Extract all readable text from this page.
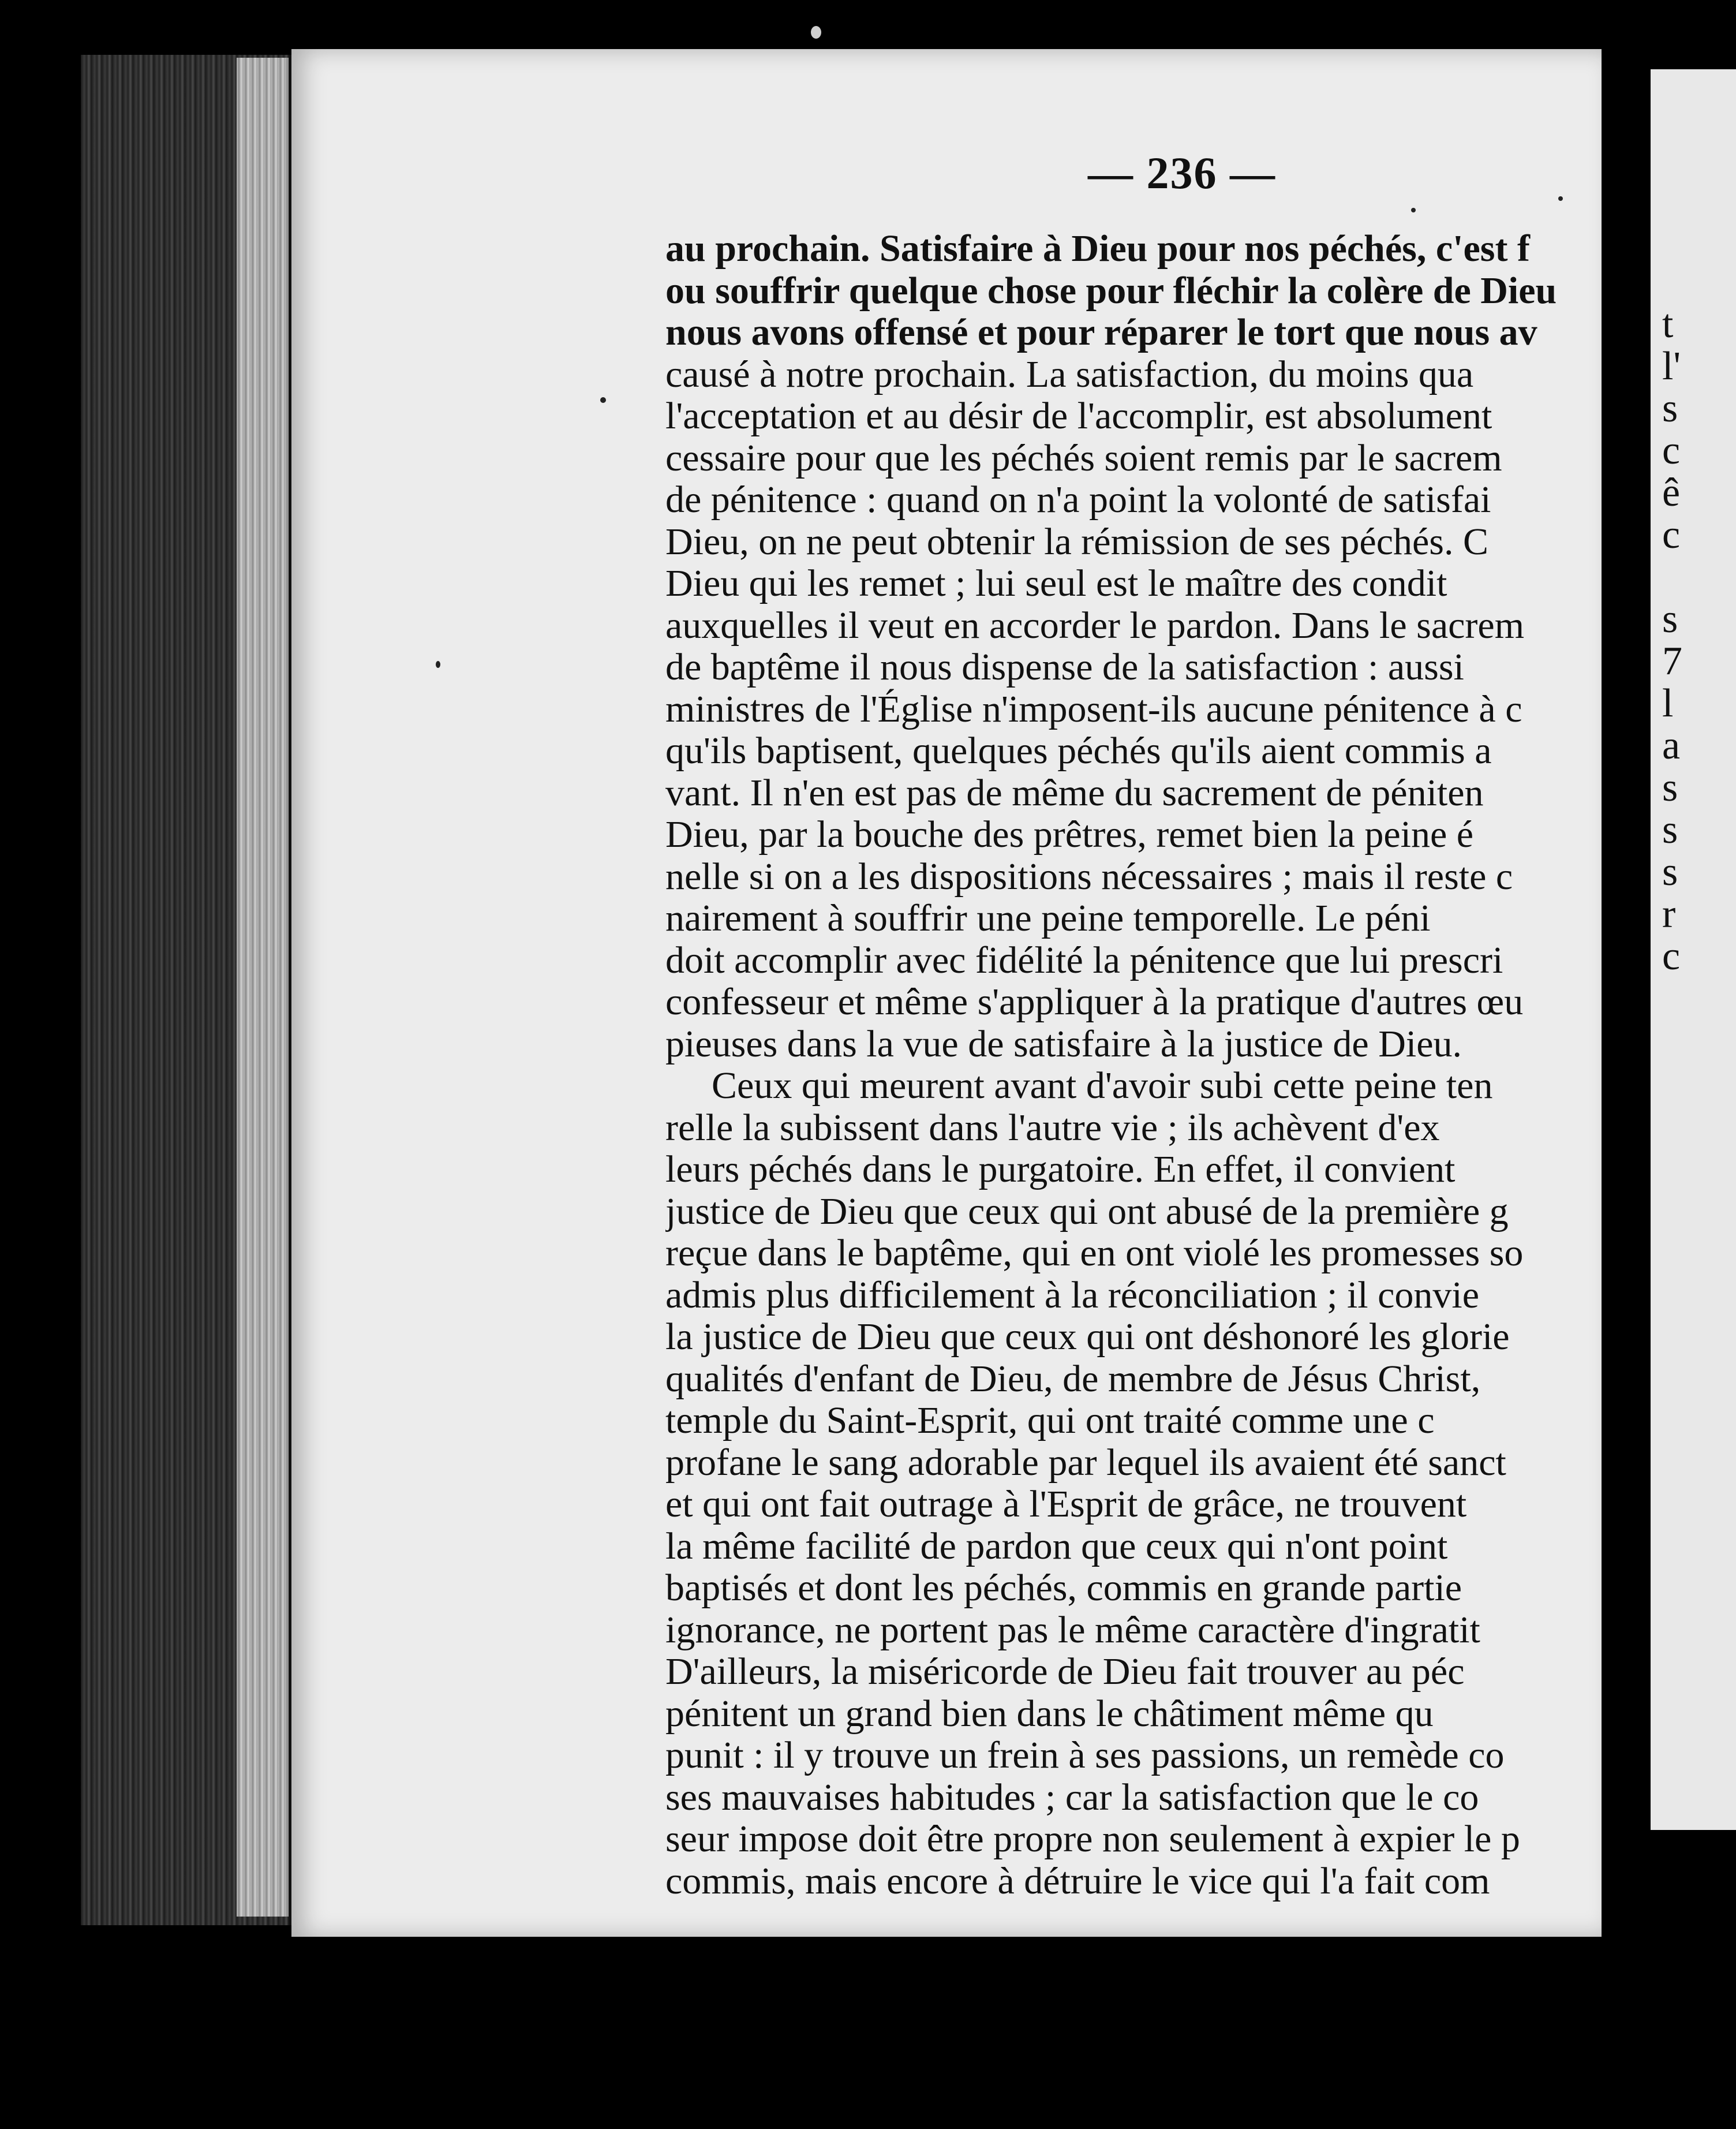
— 236 —
au prochain. Satisfaire à Dieu pour nos péchés, c'est f
ou souffrir quelque chose pour fléchir la colère de Dieu
nous avons offensé et pour réparer le tort que nous av
causé à notre prochain. La satisfaction, du moins qua
l'acceptation et au désir de l'accomplir, est absolument
cessaire pour que les péchés soient remis par le sacrem
de pénitence : quand on n'a point la volonté de satisfai
Dieu, on ne peut obtenir la rémission de ses péchés. C
Dieu qui les remet ; lui seul est le maître des condit
auxquelles il veut en accorder le pardon. Dans le sacrem
de baptême il nous dispense de la satisfaction : aussi
ministres de l'Église n'imposent-ils aucune pénitence à c
qu'ils baptisent, quelques péchés qu'ils aient commis a
vant. Il n'en est pas de même du sacrement de péniten
Dieu, par la bouche des prêtres, remet bien la peine é
nelle si on a les dispositions nécessaires ; mais il reste c
nairement à souffrir une peine temporelle. Le péni
doit accomplir avec fidélité la pénitence que lui prescri
confesseur et même s'appliquer à la pratique d'autres œu
pieuses dans la vue de satisfaire à la justice de Dieu.
Ceux qui meurent avant d'avoir subi cette peine ten
relle la subissent dans l'autre vie ; ils achèvent d'ex
leurs péchés dans le purgatoire. En effet, il convient
justice de Dieu que ceux qui ont abusé de la première g
reçue dans le baptême, qui en ont violé les promesses so
admis plus difficilement à la réconciliation ; il convie
la justice de Dieu que ceux qui ont déshonoré les glorie
qualités d'enfant de Dieu, de membre de Jésus Christ,
temple du Saint-Esprit, qui ont traité comme une c
profane le sang adorable par lequel ils avaient été sanct
et qui ont fait outrage à l'Esprit de grâce, ne trouvent
la même facilité de pardon que ceux qui n'ont point
baptisés et dont les péchés, commis en grande partie
ignorance, ne portent pas le même caractère d'ingratit
D'ailleurs, la miséricorde de Dieu fait trouver au péc
pénitent un grand bien dans le châtiment même qu
punit : il y trouve un frein à ses passions, un remède co
ses mauvaises habitudes ; car la satisfaction que le co
seur impose doit être propre non seulement à expier le p
commis, mais encore à détruire le vice qui l'a fait com
t
l'
s
c
ê
c
s
7
l
a
s
s
s
r
c
